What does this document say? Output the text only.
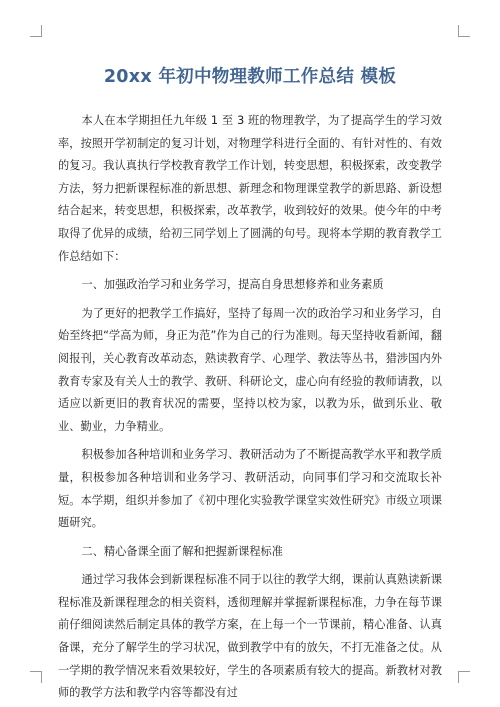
20xx 年初中物理教师工作总结 模板

本人在本学期担任九年级 1 至 3 班的物理教学，为了提高学生的学习效率，按照开学初制定的复习计划，对物理学科进行全面的、有针对性的、有效的复习。我认真执行学校教育教学工作计划，转变思想，积极探索，改变教学方法，努力把新课程标准的新思想、新理念和物理课堂教学的新思路、新设想结合起来，转变思想，积极探索，改革教学，收到较好的效果。使今年的中考取得了优异的成绩，给初三同学划上了圆满的句号。现将本学期的教育教学工作总结如下：

一、加强政治学习和业务学习，提高自身思想修养和业务素质

为了更好的把教学工作搞好，坚持了每周一次的政治学习和业务学习，自始至终把“学高为师，身正为范”作为自己的行为准则。每天坚持收看新闻，翻阅报刊，关心教育改革动态，熟读教育学、心理学、教法等丛书，猎涉国内外教育专家及有关人士的教学、教研、科研论文，虚心向有经验的教师请教，以适应以新更旧的教育状况的需要，坚持以校为家，以教为乐，做到乐业、敬业、勤业，力争精业。

积极参加各种培训和业务学习、教研活动为了不断提高教学水平和教学质量，积极参加各种培训和业务学习、教研活动，向同事们学习和交流取长补短。本学期，组织并参加了《初中理化实验教学课堂实效性研究》市级立项课题研究。

二、精心备课全面了解和把握新课程标准

通过学习我体会到新课程标准不同于以往的教学大纲，课前认真熟读新课程标准及新课程理念的相关资料，透彻理解并掌握新课程标准，力争在每节课前仔细阅读然后制定具体的教学方案，在上每一个一节课前，精心准备、认真备课，充分了解学生的学习状况，做到教学中有的放矢，不打无准备之仗。从一学期的教学情况来看效果较好，学生的各项素质有较大的提高。新教材对教师的教学方法和教学内容等都没有过
